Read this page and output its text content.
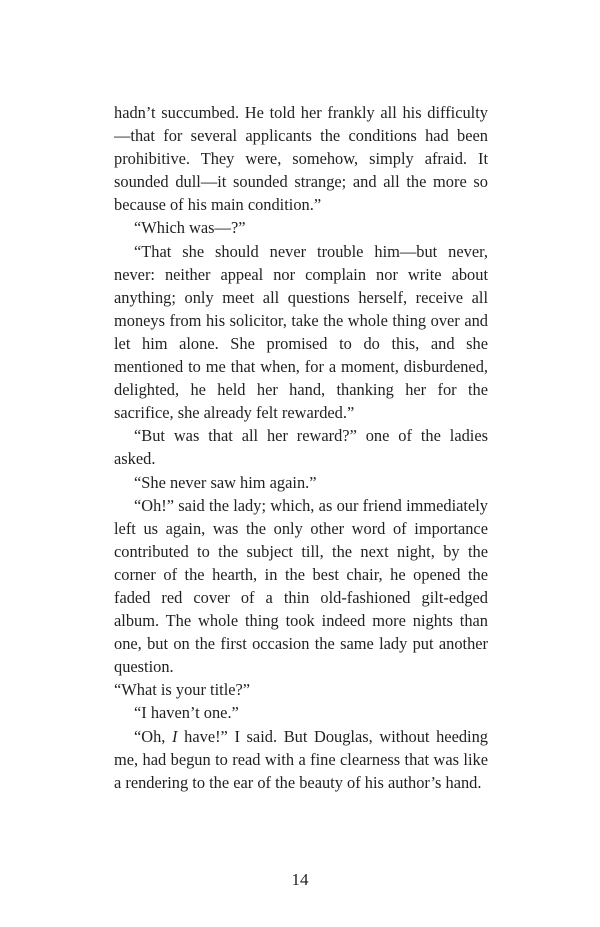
hadn’t succumbed. He told her frankly all his difficulty—that for several applicants the conditions had been prohibitive. They were, somehow, simply afraid. It sounded dull—it sounded strange; and all the more so because of his main condition.”

“Which was—?”

“That she should never trouble him—but never, never: neither appeal nor complain nor write about anything; only meet all questions herself, receive all moneys from his solicitor, take the whole thing over and let him alone. She promised to do this, and she mentioned to me that when, for a moment, disburdened, delighted, he held her hand, thanking her for the sacrifice, she already felt rewarded.”

“But was that all her reward?” one of the ladies asked.

“She never saw him again.”

“Oh!” said the lady; which, as our friend immediately left us again, was the only other word of importance contributed to the subject till, the next night, by the corner of the hearth, in the best chair, he opened the faded red cover of a thin old-fashioned gilt-edged album. The whole thing took indeed more nights than one, but on the first occasion the same lady put another question.

“What is your title?”

“I haven’t one.”

“Oh, I have!” I said. But Douglas, without heeding me, had begun to read with a fine clearness that was like a rendering to the ear of the beauty of his author’s hand.

14
